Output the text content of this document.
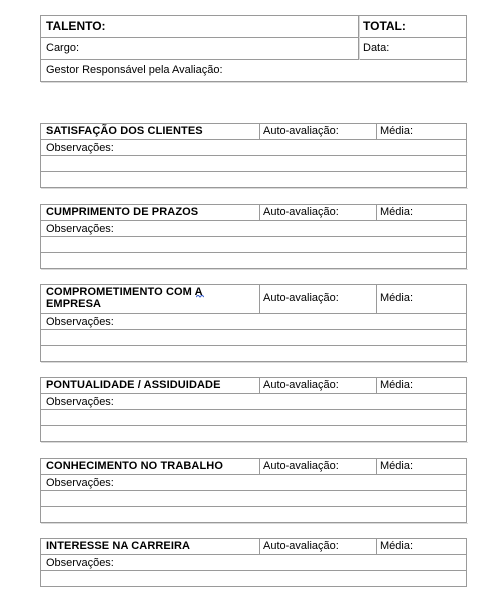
TALENTO:	TOTAL:
Cargo:	Data:
Gestor Responsável pela Avaliação:
SATISFAÇÃO DOS CLIENTES	Auto-avaliação:	Média:
Observações:
CUMPRIMENTO DE PRAZOS	Auto-avaliação:	Média:
Observações:
COMPROMETIMENTO COM A EMPRESA	Auto-avaliação:	Média:
Observações:
PONTUALIDADE / ASSIDUIDADE	Auto-avaliação:	Média:
Observações:
CONHECIMENTO NO TRABALHO	Auto-avaliação:	Média:
Observações:
INTERESSE NA CARREIRA	Auto-avaliação:	Média:
Observações:
